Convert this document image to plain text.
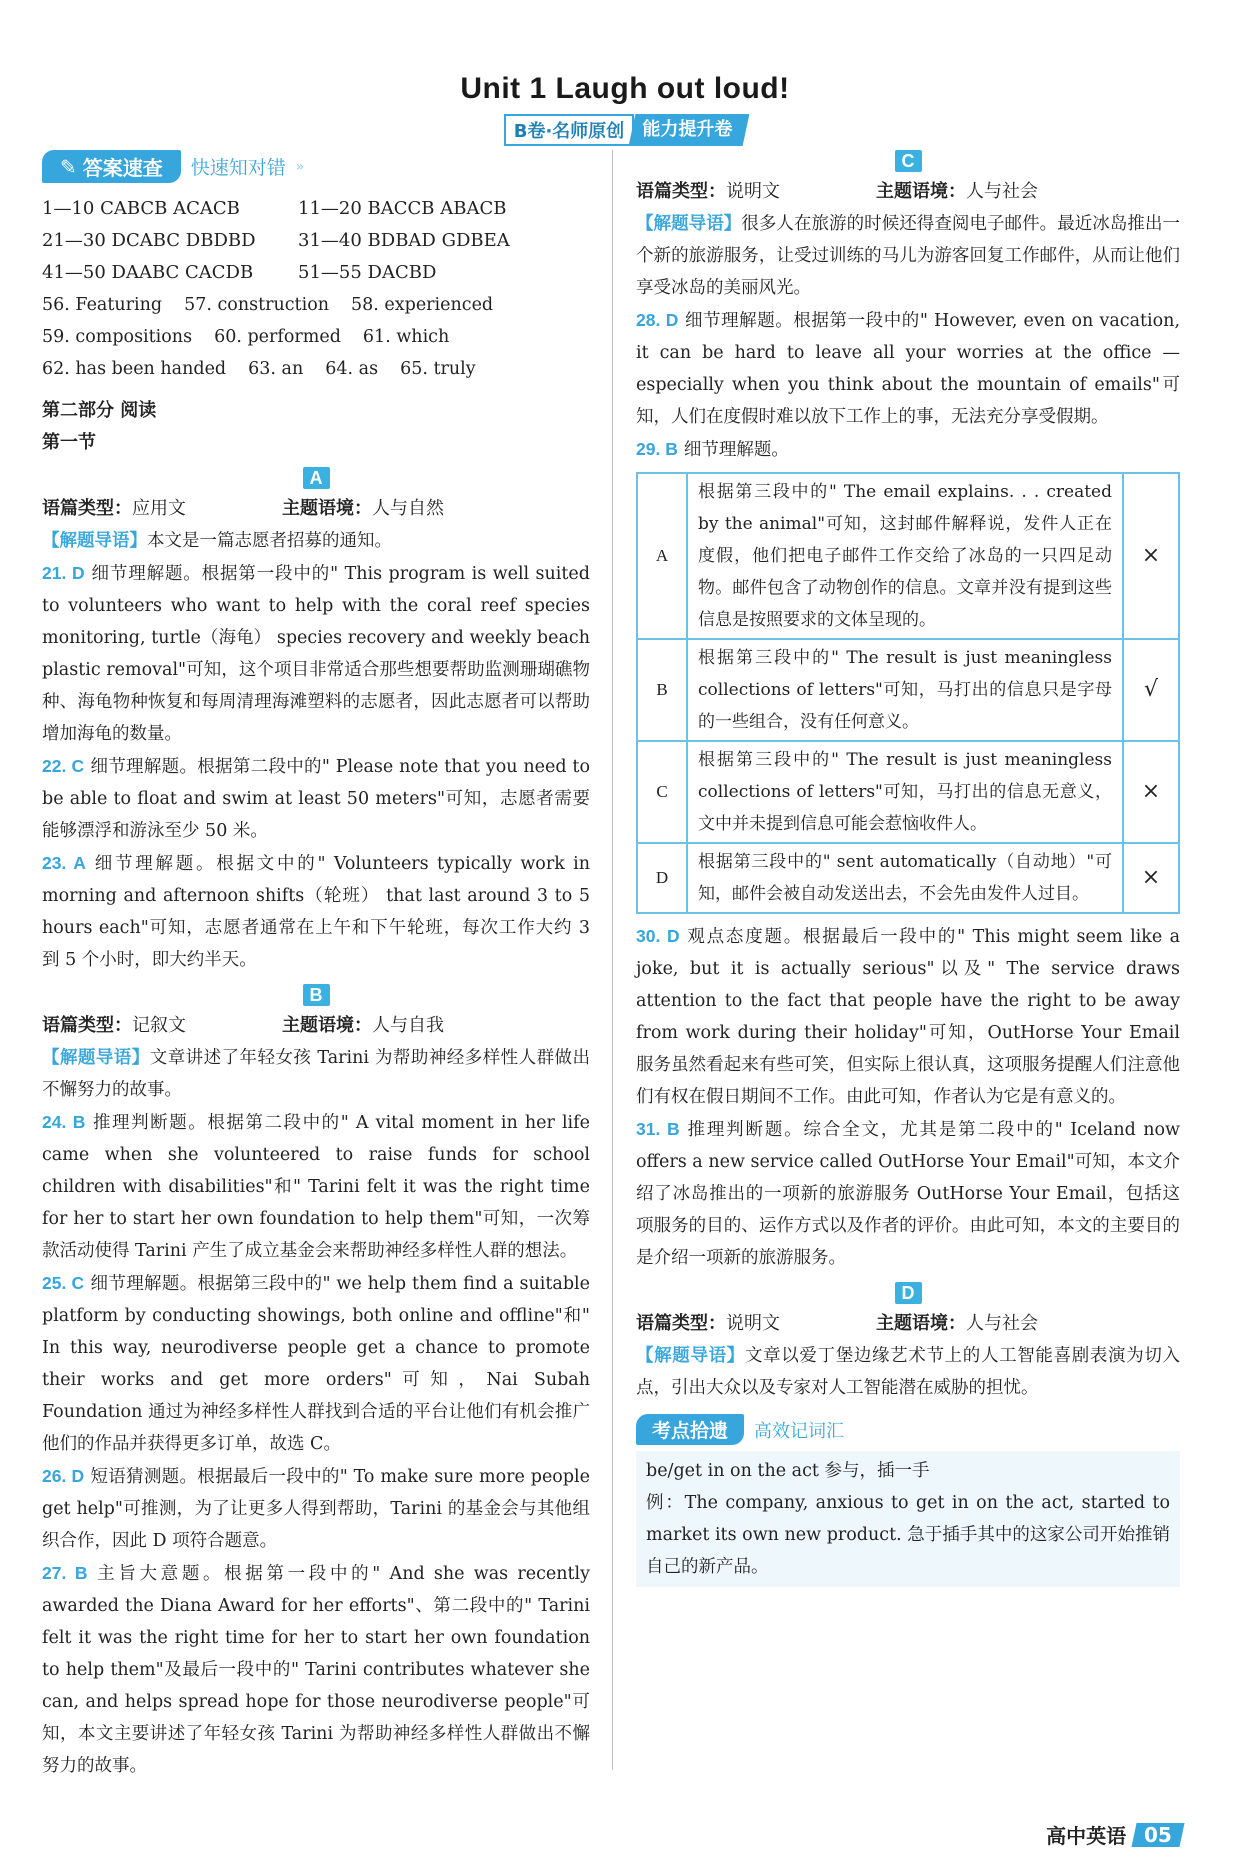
Unit 1 Laugh out loud!
B卷·名师原创	能力提升卷
✎ 答案速查 快速知对错 »
1—10 CABCB ACACB	11—20 BACCB ABACB
21—30 DCABC DBDBD	31—40 BDBAD GDBEA
41—50 DAABC CACDB	51—55 DACBD
56. Featuring 57. construction 58. experienced
59. compositions 60. performed 61. which
62. has been handed 63. an 64. as 65. truly
第二部分 阅读
第一节
A
语篇类型：应用文	主题语境：人与自然

【解题导语】本文是一篇志愿者招募的通知。

21. D 细节理解题。根据第一段中的" This program is well suited to volunteers who want to help with the coral reef species monitoring, turtle（海龟） species recovery and weekly beach plastic removal"可知，这个项目非常适合那些想要帮助监测珊瑚礁物种、海龟物种恢复和每周清理海滩塑料的志愿者，因此志愿者可以帮助增加海龟的数量。

22. C 细节理解题。根据第二段中的" Please note that you need to be able to float and swim at least 50 meters"可知，志愿者需要能够漂浮和游泳至少 50 米。

23. A 细节理解题。根据文中的" Volunteers typically work in morning and afternoon shifts（轮班） that last around 3 to 5 hours each"可知，志愿者通常在上午和下午轮班，每次工作大约 3 到 5 个小时，即大约半天。

B
语篇类型：记叙文	主题语境：人与自我

【解题导语】文章讲述了年轻女孩 Tarini 为帮助神经多样性人群做出不懈努力的故事。

24. B 推理判断题。根据第二段中的" A vital moment in her life came when she volunteered to raise funds for school children with disabilities"和" Tarini felt it was the right time for her to start her own foundation to help them"可知，一次筹款活动使得 Tarini 产生了成立基金会来帮助神经多样性人群的想法。

25. C 细节理解题。根据第三段中的" we help them find a suitable platform by conducting showings, both online and offline"和" In this way, neurodiverse people get a chance to promote their works and get more orders"可知，Nai Subah Foundation 通过为神经多样性人群找到合适的平台让他们有机会推广他们的作品并获得更多订单，故选 C。

26. D 短语猜测题。根据最后一段中的" To make sure more people get help"可推测，为了让更多人得到帮助，Tarini 的基金会与其他组织合作，因此 D 项符合题意。

27. B 主旨大意题。根据第一段中的" And she was recently awarded the Diana Award for her efforts"、第二段中的" Tarini felt it was the right time for her to start her own foundation to help them"及最后一段中的" Tarini contributes whatever she can, and helps spread hope for those neurodiverse people"可知，本文主要讲述了年轻女孩 Tarini 为帮助神经多样性人群做出不懈努力的故事。

C
语篇类型：说明文	主题语境：人与社会

【解题导语】很多人在旅游的时候还得查阅电子邮件。最近冰岛推出一个新的旅游服务，让受过训练的马儿为游客回复工作邮件，从而让他们享受冰岛的美丽风光。

28. D 细节理解题。根据第一段中的" However, even on vacation, it can be hard to leave all your worries at the office — especially when you think about the mountain of emails"可知，人们在度假时难以放下工作上的事，无法充分享受假期。

29. B 细节理解题。

A	根据第三段中的" The email explains. . . created by the animal"可知，这封邮件解释说，发件人正在度假，他们把电子邮件工作交给了冰岛的一只四足动物。邮件包含了动物创作的信息。文章并没有提到这些信息是按照要求的文体呈现的。	×
B	根据第三段中的" The result is just meaningless collections of letters"可知，马打出的信息只是字母的一些组合，没有任何意义。	√
C	根据第三段中的" The result is just meaningless collections of letters"可知，马打出的信息无意义，文中并未提到信息可能会惹恼收件人。	×
D	根据第三段中的" sent automatically（自动地）"可知，邮件会被自动发送出去，不会先由发件人过目。	×

30. D 观点态度题。根据最后一段中的" This might seem like a joke, but it is actually serious"以及" The service draws attention to the fact that people have the right to be away from work during their holiday"可知，OutHorse Your Email 服务虽然看起来有些可笑，但实际上很认真，这项服务提醒人们注意他们有权在假日期间不工作。由此可知，作者认为它是有意义的。

31. B 推理判断题。综合全文，尤其是第二段中的" Iceland now offers a new service called OutHorse Your Email"可知，本文介绍了冰岛推出的一项新的旅游服务 OutHorse Your Email，包括这项服务的目的、运作方式以及作者的评价。由此可知，本文的主要目的是介绍一项新的旅游服务。

D
语篇类型：说明文	主题语境：人与社会

【解题导语】文章以爱丁堡边缘艺术节上的人工智能喜剧表演为切入点，引出大众以及专家对人工智能潜在威胁的担忧。

考点拾遗	高效记词汇

be/get in on the act 参与，插一手

例：The company, anxious to get in on the act, started to market its own new product. 急于插手其中的这家公司开始推销自己的新产品。

高中英语 05
